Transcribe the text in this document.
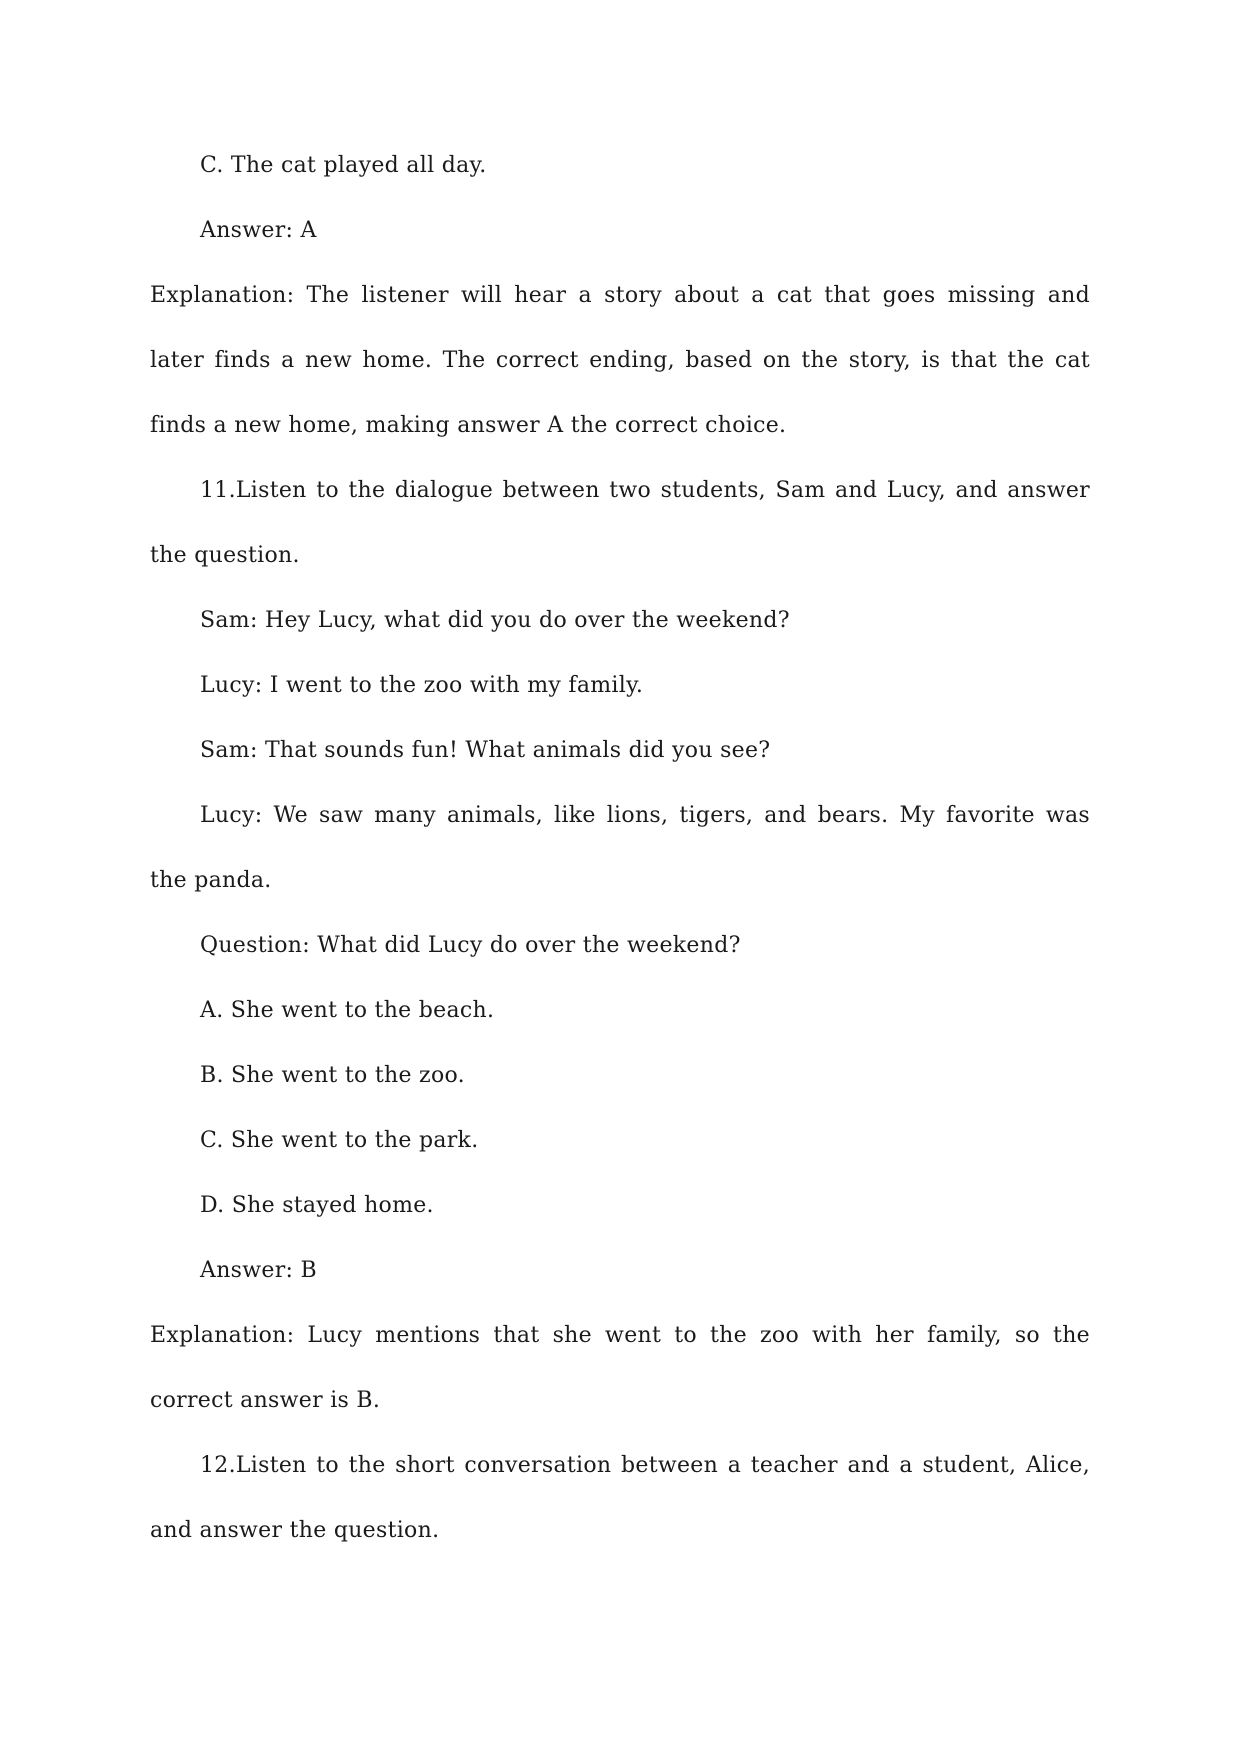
C. The cat played all day.
Answer: A
Explanation: The listener will hear a story about a cat that goes missing and
later finds a new home. The correct ending, based on the story, is that the cat
finds a new home, making answer A the correct choice.
11.Listen to the dialogue between two students, Sam and Lucy, and answer
the question.
Sam: Hey Lucy, what did you do over the weekend?
Lucy: I went to the zoo with my family.
Sam: That sounds fun! What animals did you see?
Lucy: We saw many animals, like lions, tigers, and bears. My favorite was
the panda.
Question: What did Lucy do over the weekend?
A. She went to the beach.
B. She went to the zoo.
C. She went to the park.
D. She stayed home.
Answer: B
Explanation: Lucy mentions that she went to the zoo with her family, so the
correct answer is B.
12.Listen to the short conversation between a teacher and a student, Alice,
and answer the question.
